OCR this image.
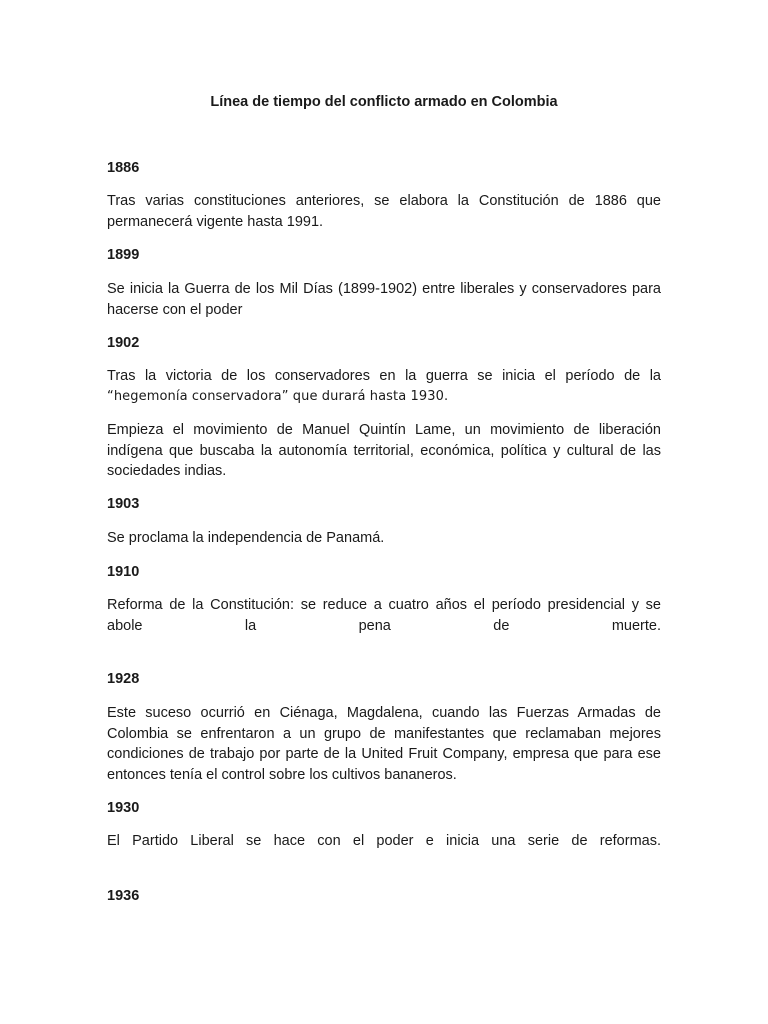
Línea de tiempo del conflicto armado en Colombia

1886

Tras varias constituciones anteriores, se elabora la Constitución de 1886 que permanecerá vigente hasta 1991.

1899

Se inicia la Guerra de los Mil Días (1899-1902) entre liberales y conservadores para hacerse con el poder

1902

Tras la victoria de los conservadores en la guerra se inicia el período de la

“hegemonía conservadora” que durará hasta 1930.

Empieza el movimiento de Manuel Quintín Lame, un movimiento de liberación indígena que buscaba la autonomía territorial, económica, política y cultural de las sociedades indias.

1903

Se proclama la independencia de Panamá.

1910

Reforma de la Constitución: se reduce a cuatro años el período presidencial y se abole la pena de muerte.

1928

Este suceso ocurrió en Ciénaga, Magdalena, cuando las Fuerzas Armadas de Colombia se enfrentaron a un grupo de manifestantes que reclamaban mejores condiciones de trabajo por parte de la United Fruit Company, empresa que para ese entonces tenía el control sobre los cultivos bananeros.

1930

El Partido Liberal se hace con el poder e inicia una serie de reformas.

1936
